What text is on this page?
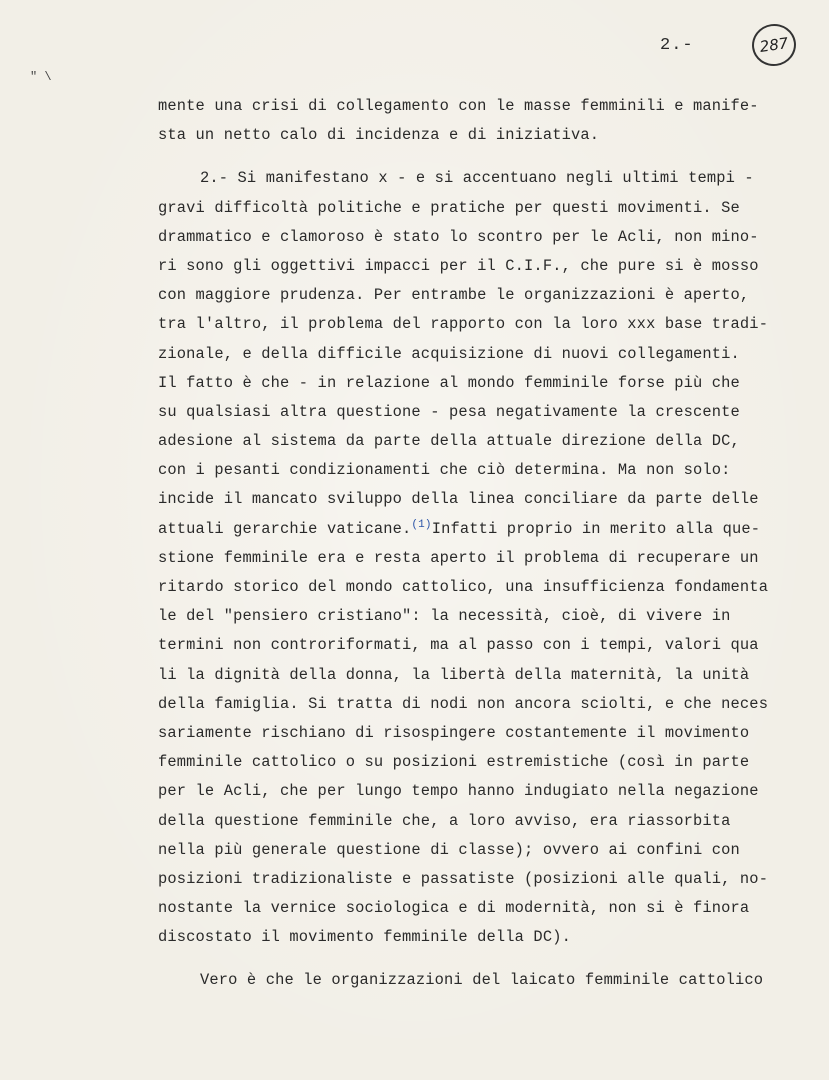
" \
2.-	287
mente una crisi di collegamento con le masse femminili e manife-
sta un netto calo di incidenza e di iniziativa.
2.- Si manifestano x - e si accentuano negli ultimi tempi -
gravi difficoltà politiche e pratiche per questi movimenti. Se
drammatico e clamoroso è stato lo scontro per le Acli, non mino-
ri sono gli oggettivi impacci per il C.I.F., che pure si è mosso
con maggiore prudenza. Per entrambe le organizzazioni è aperto,
tra l'altro, il problema del rapporto con la loro xxx base tradi-
zionale, e della difficile acquisizione di nuovi collegamenti.
Il fatto è che - in relazione al mondo femminile forse più che
su qualsiasi altra questione - pesa negativamente la crescente
adesione al sistema da parte della attuale direzione della DC,
con i pesanti condizionamenti che ciò determina. Ma non solo:
incide il mancato sviluppo della linea conciliare da parte delle
attuali gerarchie vaticane.$^{(1)}$Infatti proprio in merito alla que-
stione femminile era e resta aperto il problema di recuperare un
ritardo storico del mondo cattolico, una insufficienza fondamenta
le del "pensiero cristiano": la necessità, cioè, di vivere in
termini non controriformati, ma al passo con i tempi, valori qua
li la dignità della donna, la libertà della maternità, la unità
della famiglia. Si tratta di nodi non ancora sciolti, e che neces
sariamente rischiano di risospingere costantemente il movimento
femminile cattolico o su posizioni estremistiche (così in parte
per le Acli, che per lungo tempo hanno indugiato nella negazione
della questione femminile che, a loro avviso, era riassorbita
nella più generale questione di classe); ovvero ai confini con
posizioni tradizionaliste e passatiste (posizioni alle quali, no-
nostante la vernice sociologica e di modernità, non si è finora
discostato il movimento femminile della DC).
Vero è che le organizzazioni del laicato femminile cattolico
